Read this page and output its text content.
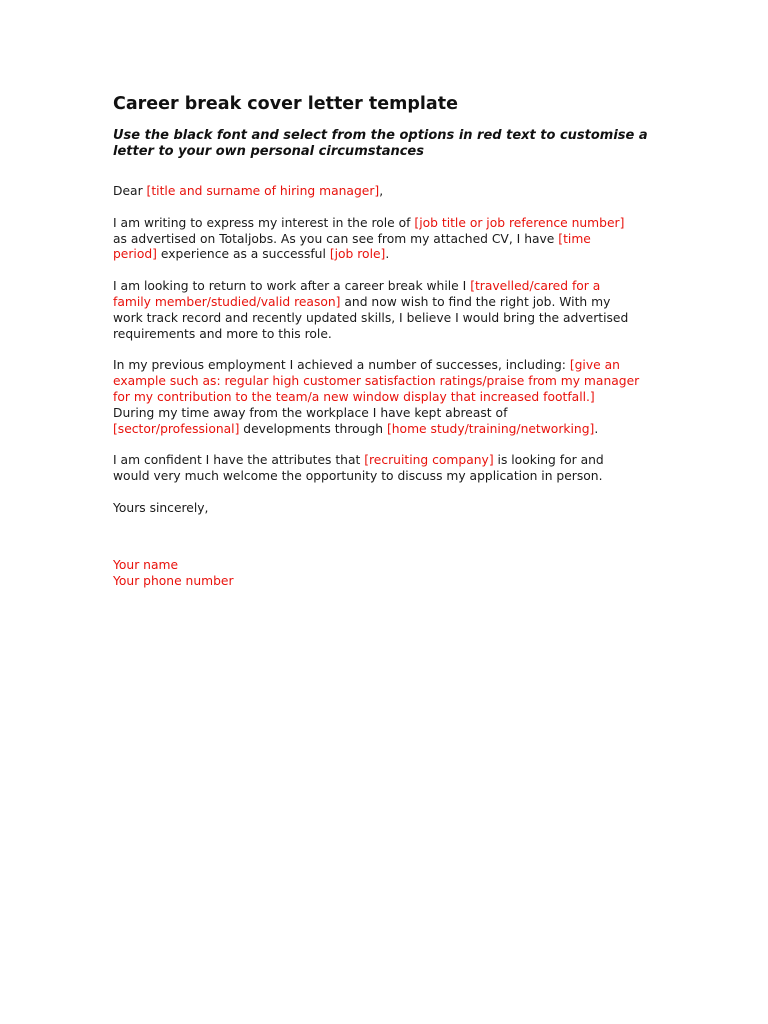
Career break cover letter template

Use the black font and select from the options in red text to customise a
letter to your own personal circumstances

Dear [title and surname of hiring manager],

I am writing to express my interest in the role of [job title or job reference number]
as advertised on Totaljobs. As you can see from my attached CV, I have [time
period] experience as a successful [job role].

I am looking to return to work after a career break while I [travelled/cared for a
family member/studied/valid reason] and now wish to find the right job. With my
work track record and recently updated skills, I believe I would bring the advertised
requirements and more to this role.

In my previous employment I achieved a number of successes, including: [give an
example such as: regular high customer satisfaction ratings/praise from my manager
for my contribution to the team/a new window display that increased footfall.]
During my time away from the workplace I have kept abreast of
[sector/professional] developments through [home study/training/networking].

I am confident I have the attributes that [recruiting company] is looking for and
would very much welcome the opportunity to discuss my application in person.

Yours sincerely,

Your name
Your phone number
